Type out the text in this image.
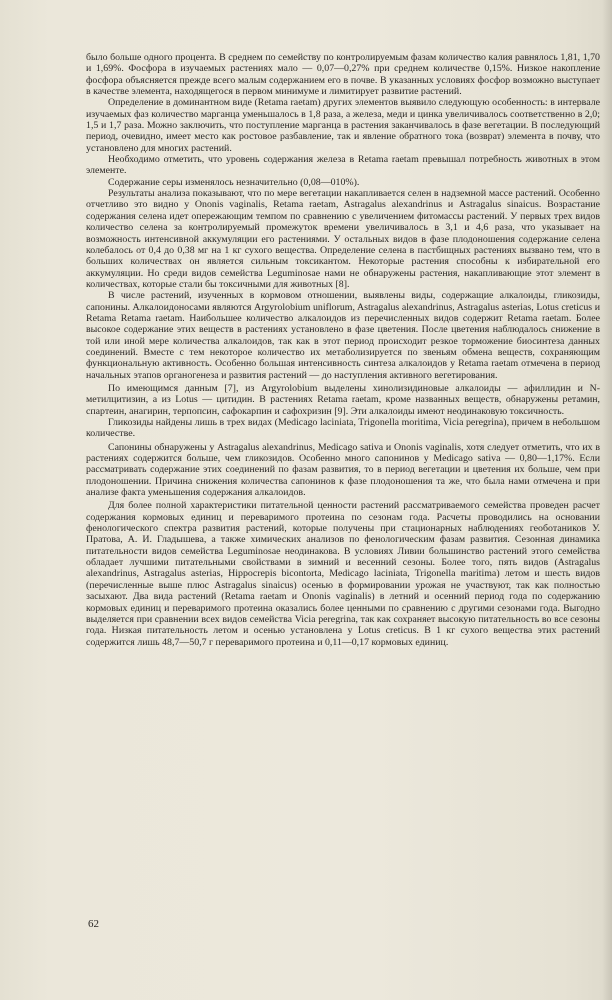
было больше одного процента. В среднем по семейству по контролируемым фазам количество калия равнялось 1,81, 1,70 и 1,69%. Фосфора в изучаемых растениях мало — 0,07—0,27% при среднем количестве 0,15%. Низкое накопление фосфора объясняется прежде всего малым содержанием его в почве. В указанных условиях фосфор возможно выступает в качестве элемента, находящегося в первом минимуме и лимитирует развитие растений.

Определение в доминантном виде (Retama raetam) других элементов выявило следующую особенность: в интервале изучаемых фаз количество марганца уменьшалось в 1,8 раза, а железа, меди и цинка увеличивалось соответственно в 2,0; 1,5 и 1,7 раза. Можно заключить, что поступление марганца в растения заканчивалось в фазе вегетации. В последующий период, очевидно, имеет место как ростовое разбавление, так и явление обратного тока (возврат) элемента в почву, что установлено для многих растений.

Необходимо отметить, что уровень содержания железа в Retama raetam превышал потребность животных в этом элементе.

Содержание серы изменялось незначительно (0,08—010%).

Результаты анализа показывают, что по мере вегетации накапливается селен в надземной массе растений. Особенно отчетливо это видно у Ononis vaginalis, Retama raetam, Astragalus alexandrinus и Astragalus sinaicus. Возрастание содержания селена идет опережающим темпом по сравнению с увеличением фитомассы растений. У первых трех видов количество селена за контролируемый промежуток времени увеличивалось в 3,1 и 4,6 раза, что указывает на возможность интенсивной аккумуляции его растениями. У остальных видов в фазе плодоношения содержание селена колебалось от 0,4 до 0,38 мг на 1 кг сухого вещества. Определение селена в пастбищных растениях вызвано тем, что в больших количествах он является сильным токсикантом. Некоторые растения способны к избирательной его аккумуляции. Но среди видов семейства Leguminosae нами не обнаружены растения, накапливающие этот элемент в количествах, которые стали бы токсичными для животных [8].

В числе растений, изученных в кормовом отношении, выявлены виды, содержащие алкалоиды, гликозиды, сапонины. Алкалоидоносами являются Argyrolobium uniflorum, Astragalus alexandrinus, Astragalus asterias, Lotus creticus и Retama Retama raetam. Наибольшее количество алкалоидов из перечисленных видов содержит Retama raetam. Более высокое содержание этих веществ в растениях установлено в фазе цветения. После цветения наблюдалось снижение в той или иной мере количества алкалоидов, так как в этот период происходит резкое торможение биосинтеза данных соединений. Вместе с тем некоторое количество их метаболизируется по звеньям обмена веществ, сохраняющим функциональную активность. Особенно большая интенсивность синтеза алкалоидов у Retama raetam отмечена в период начальных этапов органогенеза и развития растений — до наступления активного вегетирования.

По имеющимся данным [7], из Argyrolobium выделены хинолизидиновые алкалоиды — афиллидин и N-метилцитизин, а из Lotus — цитидин. В растениях Retama raetam, кроме названных веществ, обнаружены ретамин, спартеин, анагирин, терпопсин, сафокарпин и сафохризин [9]. Эти алкалоиды имеют неодинаковую токсичность.

Гликозиды найдены лишь в трех видах (Medicago laciniata, Trigonella moritima, Vicia peregrina), причем в небольшом количестве.

Сапонины обнаружены у Astragalus alexandrinus, Medicago sativa и Ononis vaginalis, хотя следует отметить, что их в растениях содержится больше, чем гликозидов. Особенно много сапонинов у Medicago sativa — 0,80—1,17%. Если рассматривать содержание этих соединений по фазам развития, то в период вегетации и цветения их больше, чем при плодоношении. Причина снижения количества сапонинов к фазе плодоношения та же, что была нами отмечена и при анализе факта уменьшения содержания алкалоидов.

Для более полной характеристики питательной ценности растений рассматриваемого семейства проведен расчет содержания кормовых единиц и переваримого протеина по сезонам года. Расчеты проводились на основании фенологического спектра развития растений, которые получены при стационарных наблюдениях геоботаников У. Пратова, А. И. Гладышева, а также химических анализов по фенологическим фазам развития. Сезонная динамика питательности видов семейства Leguminosae неодинакова. В условиях Ливии большинство растений этого семейства обладает лучшими питательными свойствами в зимний и весенний сезоны. Более того, пять видов (Astragalus alexandrinus, Astragalus asterias, Hippocrepis bicontorta, Medicago laciniata, Trigonella maritima) летом и шесть видов (перечисленные выше плюс Astragalus sinaicus) осенью в формировании урожая не участвуют, так как полностью засыхают. Два вида растений (Retama raetam и Ononis vaginalis) в летний и осенний период года по содержанию кормовых единиц и переваримого протеина оказались более ценными по сравнению с другими сезонами года. Выгодно выделяется при сравнении всех видов семейства Vicia peregrina, так как сохраняет высокую питательность во все сезоны года. Низкая питательность летом и осенью установлена у Lotus creticus. В 1 кг сухого вещества этих растений содержится лишь 48,7—50,7 г переваримого протеина и 0,11—0,17 кормовых единиц.

62
